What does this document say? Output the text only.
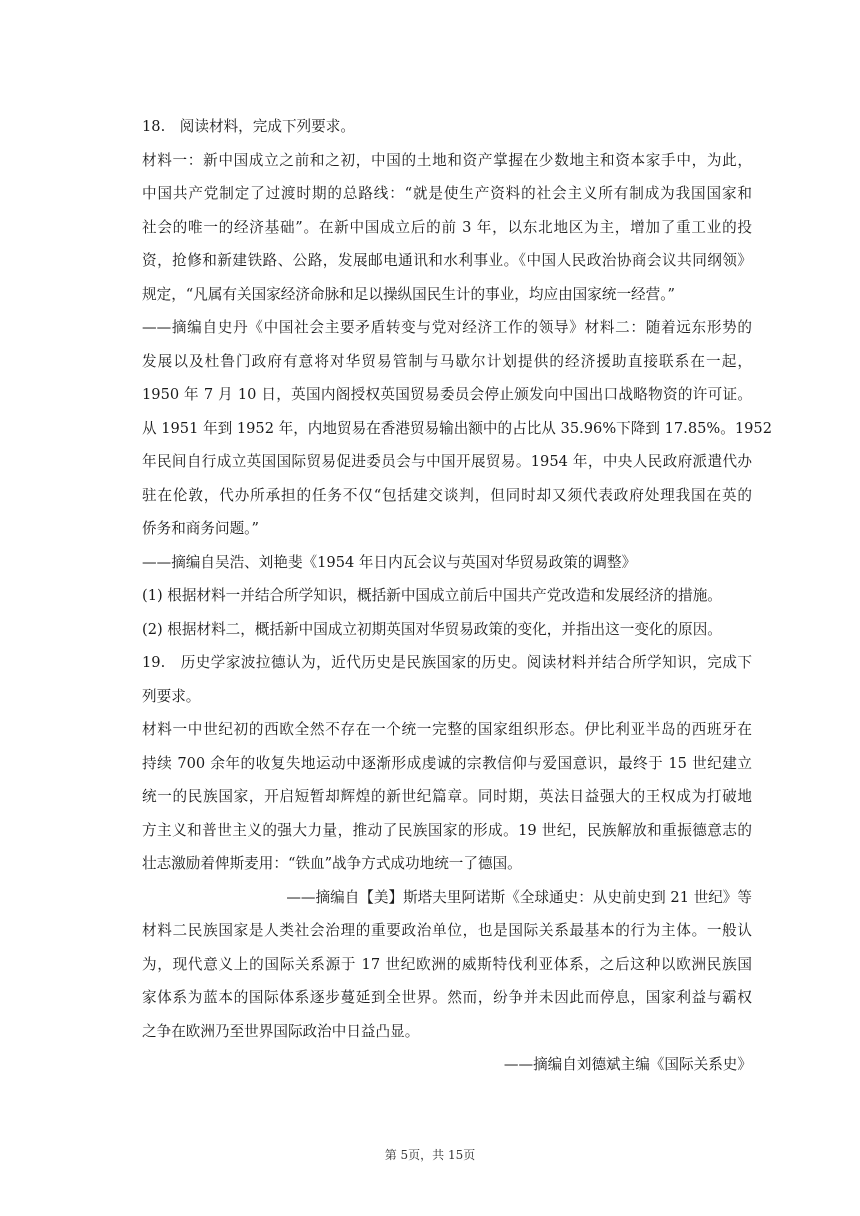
18.　阅读材料，完成下列要求。
材料一：新中国成立之前和之初，中国的土地和资产掌握在少数地主和资本家手中，为此，
中国共产党制定了过渡时期的总路线：“就是使生产资料的社会主义所有制成为我国国家和
社会的唯一的经济基础”。在新中国成立后的前 3 年，以东北地区为主，增加了重工业的投
资，抢修和新建铁路、公路，发展邮电通讯和水利事业。《中国人民政治协商会议共同纲领》
规定，“凡属有关国家经济命脉和足以操纵国民生计的事业，均应由国家统一经营。”
——摘编自史丹《中国社会主要矛盾转变与党对经济工作的领导》材料二：随着远东形势的
发展以及杜鲁门政府有意将对华贸易管制与马歇尔计划提供的经济援助直接联系在一起，
1950 年 7 月 10 日，英国内阁授权英国贸易委员会停止颁发向中国出口战略物资的许可证。
从 1951 年到 1952 年，内地贸易在香港贸易输出额中的占比从 35.96%下降到 17.85%。1952
年民间自行成立英国国际贸易促进委员会与中国开展贸易。1954 年，中央人民政府派遣代办
驻在伦敦，代办所承担的任务不仅“包括建交谈判，但同时却又须代表政府处理我国在英的
侨务和商务问题。”
——摘编自吴浩、刘艳斐《1954 年日内瓦会议与英国对华贸易政策的调整》
(1) 根据材料一并结合所学知识，概括新中国成立前后中国共产党改造和发展经济的措施。
(2) 根据材料二，概括新中国成立初期英国对华贸易政策的变化，并指出这一变化的原因。
19.　历史学家波拉德认为，近代历史是民族国家的历史。阅读材料并结合所学知识，完成下
列要求。
材料一中世纪初的西欧全然不存在一个统一完整的国家组织形态。伊比利亚半岛的西班牙在
持续 700 余年的收复失地运动中逐渐形成虔诚的宗教信仰与爱国意识，最终于 15 世纪建立
统一的民族国家，开启短暂却辉煌的新世纪篇章。同时期，英法日益强大的王权成为打破地
方主义和普世主义的强大力量，推动了民族国家的形成。19 世纪，民族解放和重振德意志的
壮志激励着俾斯麦用：“铁血”战争方式成功地统一了德国。
——摘编自【美】斯塔夫里阿诺斯《全球通史：从史前史到 21 世纪》等
材料二民族国家是人类社会治理的重要政治单位，也是国际关系最基本的行为主体。一般认
为，现代意义上的国际关系源于 17 世纪欧洲的威斯特伐利亚体系，之后这种以欧洲民族国
家体系为蓝本的国际体系逐步蔓延到全世界。然而，纷争并未因此而停息，国家利益与霸权
之争在欧洲乃至世界国际政治中日益凸显。
——摘编自刘德斌主编《国际关系史》
第 5页，共 15页
